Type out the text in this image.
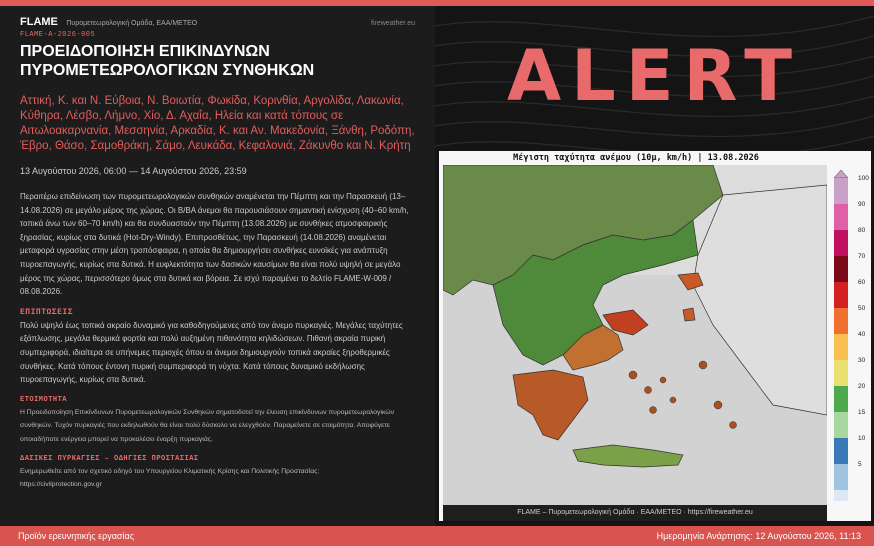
FLAME Πυρομετεωρολογική Ομάδα, ΕΑΑ/ΜΕΤΕΟ	fireweather.eu
FLAME-A-2026-005
ΠΡΟΕΙΔΟΠΟΙΗΣΗ ΕΠΙΚΙΝΔΥΝΩΝ
ΠΥΡΟΜΕΤΕΩΡΟΛΟΓΙΚΩΝ ΣΥΝΘΗΚΩΝ
Αττική, Κ. και Ν. Εύβοια, Ν. Βοιωτία, Φωκίδα, Κορινθία, Αργολίδα, Λακωνία, Κύθηρα, Λέσβο, Λήμνο, Χίο, Δ. Αχαΐα, Ηλεία και κατά τόπους σε Αιτωλοακαρνανία, Μεσσηνία, Αρκαδία, Κ. και Αν. Μακεδονία, Ξάνθη, Ροδόπη, Έβρο, Θάσο, Σαμοθράκη, Σάμο, Λευκάδα, Κεφαλονιά, Ζάκυνθο και Ν. Κρήτη
13 Αυγούστου 2026, 06:00 — 14 Αυγούστου 2026, 23:59
Περαιτέρω επιδείνωση των πυρομετεωρολογικών συνθηκών αναμένεται την Πέμπτη και την Παρασκευή (13–14.08.2026) σε μεγάλο μέρος της χώρας. Οι Β/ΒΑ άνεμοι θα παρουσιάσουν σημαντική ενίσχυση (40–60 km/h, τοπικά άνω των 60–70 km/h) και θα συνδυαστούν την Πέμπτη (13.08.2026) με συνθήκες ατμοσφαιρικής ξηρασίας, κυρίως στα δυτικά (Hot-Dry-Windy). Επιπροσθέτως, την Παρασκευή (14.08.2026) αναμένεται μεταφορά υγρασίας στην μέση τροπόσφαιρα, η οποία θα δημιουργήσει συνθήκες ευνοϊκές για ανάπτυξη πυροεπαγωγής, κυρίως στα δυτικά. Η ευφλεκτότητα των δασικών καυσίμων θα είναι πολύ υψηλή σε μεγάλο μέρος της χώρας, περισσότερο όμως στα δυτικά και βόρεια. Σε ισχύ παραμένει το δελτίο FLAME-W-009 / 08.08.2026.
ΕΠΙΠΤΩΣΕΙΣ
Πολύ υψηλό έως τοπικά ακραίο δυναμικό για καθοδηγούμενες από τον άνεμο πυρκαγιές. Μεγάλες ταχύτητες εξάπλωσης, μεγάλα θερμικά φορτία και πολύ αυξημένη πιθανότητα κηλιδώσεων. Πιθανή ακραία πυρική συμπεριφορά, ιδιαίτερα σε υπήνεμες περιοχές όπου οι άνεμοι δημιουργούν τοπικά ακραίες ξηροθερμικές συνθήκες. Κατά τόπους έντονη πυρική συμπεριφορά τη νύχτα. Κατά τόπους δυναμικό εκδήλωσης πυροεπαγωγής, κυρίως στα δυτικά.
ΕΤΟΙΜΟΤΗΤΑ
Η Προειδοποίηση Επικίνδυνων Πυρομετεωρολογικών Συνθηκών σηματοδοτεί την έλευση επικίνδυνων πυρομετεωρολογικών συνθηκών. Τυχόν πυρκαγιές που εκδηλωθούν θα είναι πολύ δύσκολο να ελεγχθούν. Παραμείνετε σε ετοιμότητα. Αποφύγετε οποιαδήποτε ενέργεια μπορεί να προκαλέσει έναρξη πυρκαγιάς.
ΔΑΣΙΚΕΣ ΠΥΡΚΑΓΙΕΣ – ΟΔΗΓΙΕΣ ΠΡΟΣΤΑΣΙΑΣ
Ενημερωθείτε από τον σχετικό οδηγό του Υπουργείου Κλιματικής Κρίσης και Πολιτικής Προστασίας:
https://civilprotection.gov.gr
ALERT
Μέγιστη ταχύτητα ανέμου (10μ, km/h) | 13.08.2026
100
90
80
70
60
50
40
30
20
15
10
5
FLAME – Πυρομετεωρολογική Ομάδα · ΕΑΑ/ΜΕΤΕΟ · https://fireweather.eu
Προϊόν ερευνητικής εργασίας	Ημερομηνία Ανάρτησης: 12 Αυγούστου 2026, 11:13
